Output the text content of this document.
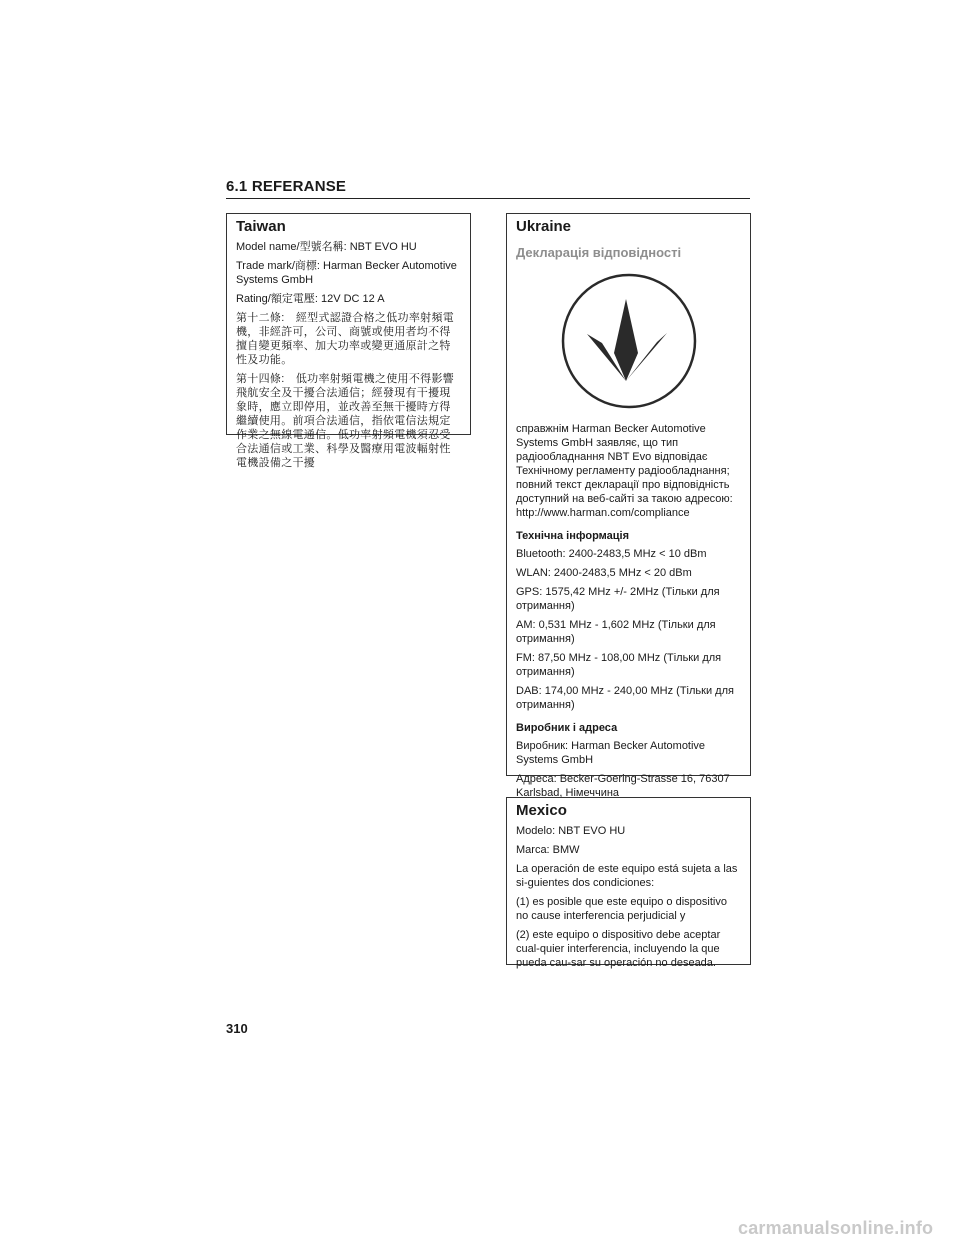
6.1 REFERANSE
Taiwan

Model name/型號名稱: NBT EVO HU

Trade mark/商標: Harman Becker Automotive Systems GmbH

Rating/額定電壓: 12V DC 12 A

第十二條:　經型式認證合格之低功率射頻電機，非經許可，公司、商號或使用者均不得擅自變更頻率、加大功率或變更通原計之特性及功能。

第十四條:　低功率射頻電機之使用不得影響飛航安全及干擾合法通信；經發現有干擾現象時，應立即停用，並改善至無干擾時方得繼續使用。前項合法通信，指依電信法規定作業之無線電通信。低功率射頻電機須忍受合法通信或工業、科學及醫療用電波輻射性電機設備之干擾

Ukraine
Декларація відповідності

справжнім Harman Becker Automotive Systems GmbH заявляє, що тип радіообладнання NBT Evo відповідає Технічному регламенту радіообладнання; повний текст декларації про відповідність доступний на веб-сайті за такою адресою: http://www.harman.com/compliance

Технічна інформація

Bluetooth: 2400-2483,5 MHz < 10 dBm

WLAN: 2400-2483,5 MHz < 20 dBm

GPS: 1575,42 MHz +/- 2MHz (Тільки для отримання)

AM: 0,531 MHz - 1,602 MHz (Тільки для отримання)

FM: 87,50 MHz - 108,00 MHz (Тільки для отримання)

DAB: 174,00 MHz - 240,00 MHz (Тільки для отримання)

Виробник і адреса

Виробник: Harman Becker Automotive Systems GmbH

Адреса: Becker-Goering-Strasse 16, 76307 Karlsbad, Німеччина

Mexico

Modelo: NBT EVO HU

Marca: BMW

La operación de este equipo está sujeta a las si-guientes dos condiciones:

(1) es posible que este equipo o dispositivo no cause interferencia perjudicial y

(2) este equipo o dispositivo debe aceptar cual-quier interferencia, incluyendo la que pueda cau-sar su operación no deseada.

310
carmanualsonline.info
